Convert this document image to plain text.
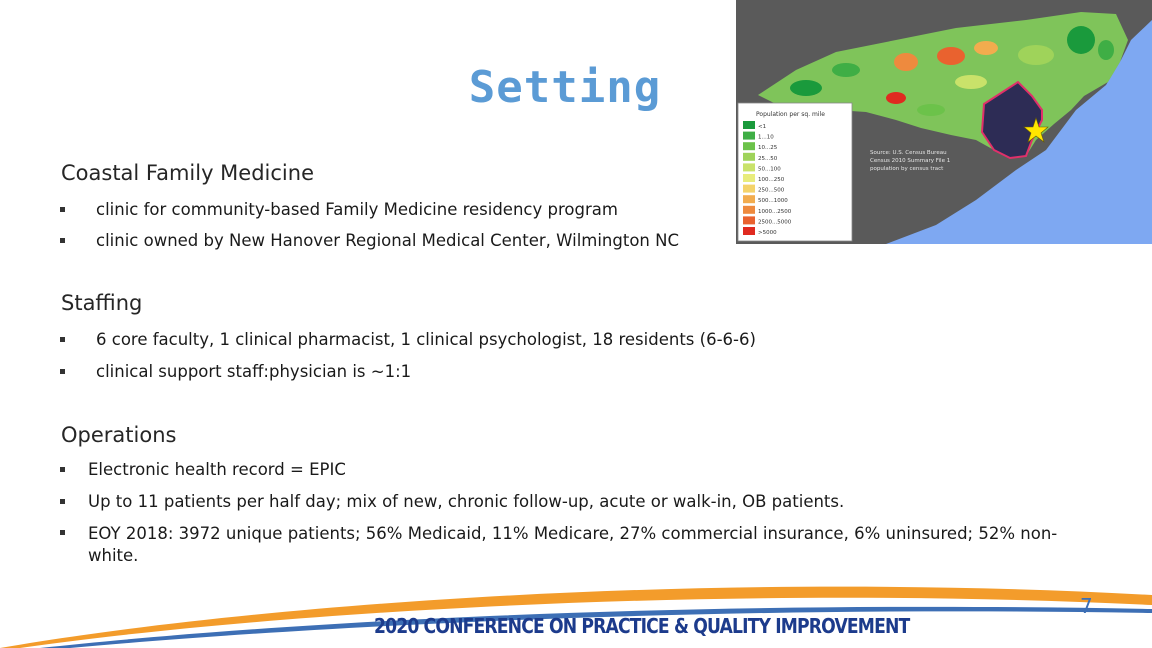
Setting
Coastal Family Medicine
clinic for community-based Family Medicine residency program
clinic owned by New Hanover Regional Medical Center, Wilmington NC
Staffing
6 core faculty, 1 clinical pharmacist, 1 clinical psychologist, 18 residents (6-6-6)
clinical support staff:physician is ~1:1
Operations
Electronic health record = EPIC
Up to 11 patients per half day; mix of new, chronic follow-up, acute or walk-in, OB patients.
EOY 2018: 3972 unique patients; 56% Medicaid, 11% Medicare, 27% commercial insurance, 6% uninsured; 52% non-white.
Population per sq. mile
<1
1...10
10...25
25...50
50...100
100...250
250...500
500...1000
1000...2500
2500...5000
>5000
Source: U.S. Census Bureau
Census 2010 Summary File 1
population by census tract
2020 CONFERENCE ON PRACTICE & QUALITY IMPROVEMENT
7
